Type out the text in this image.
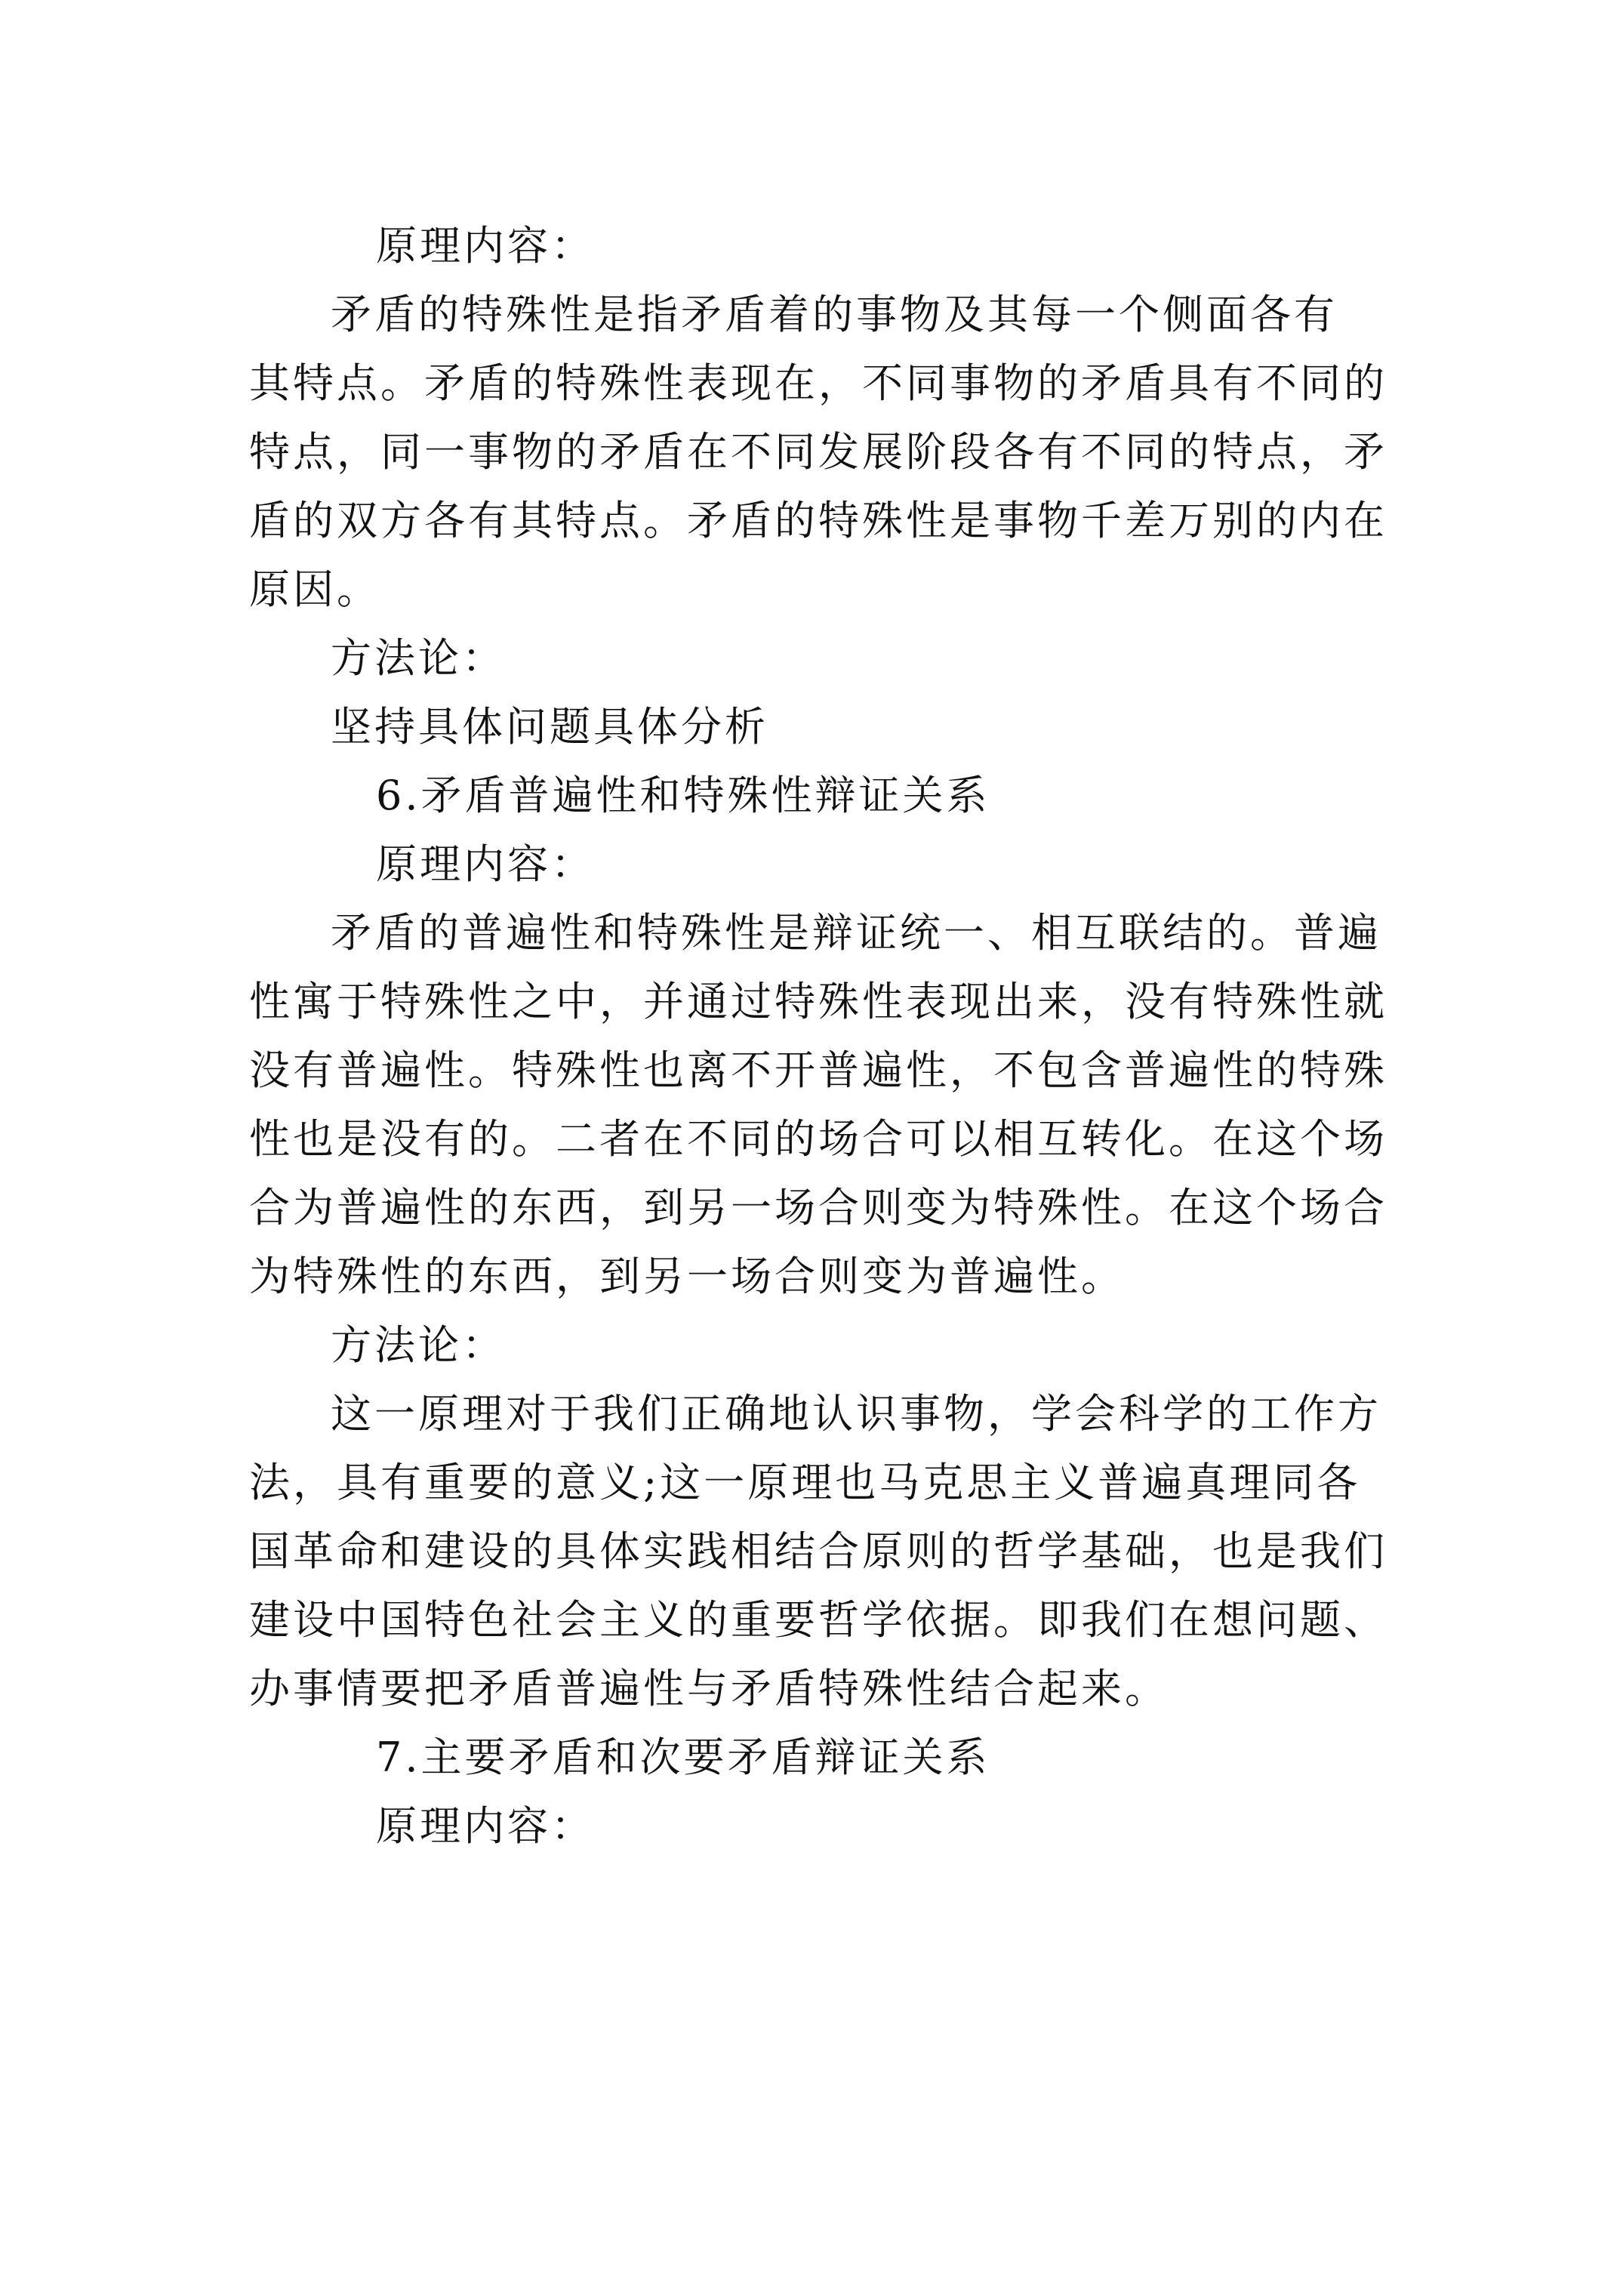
原理内容：

矛盾的特殊性是指矛盾着的事物及其每一个侧面各有

其特点。矛盾的特殊性表现在，不同事物的矛盾具有不同的

特点，同一事物的矛盾在不同发展阶段各有不同的特点，矛

盾的双方各有其特点。矛盾的特殊性是事物千差万别的内在

原因。

方法论：

坚持具体问题具体分析

6.矛盾普遍性和特殊性辩证关系

原理内容：

矛盾的普遍性和特殊性是辩证统一、相互联结的。普遍

性寓于特殊性之中，并通过特殊性表现出来，没有特殊性就

没有普遍性。特殊性也离不开普遍性，不包含普遍性的特殊

性也是没有的。二者在不同的场合可以相互转化。在这个场

合为普遍性的东西，到另一场合则变为特殊性。在这个场合

为特殊性的东西，到另一场合则变为普遍性。

方法论：

这一原理对于我们正确地认识事物，学会科学的工作方

法，具有重要的意义;这一原理也马克思主义普遍真理同各

国革命和建设的具体实践相结合原则的哲学基础，也是我们

建设中国特色社会主义的重要哲学依据。即我们在想问题、

办事情要把矛盾普遍性与矛盾特殊性结合起来。

7.主要矛盾和次要矛盾辩证关系

原理内容：
